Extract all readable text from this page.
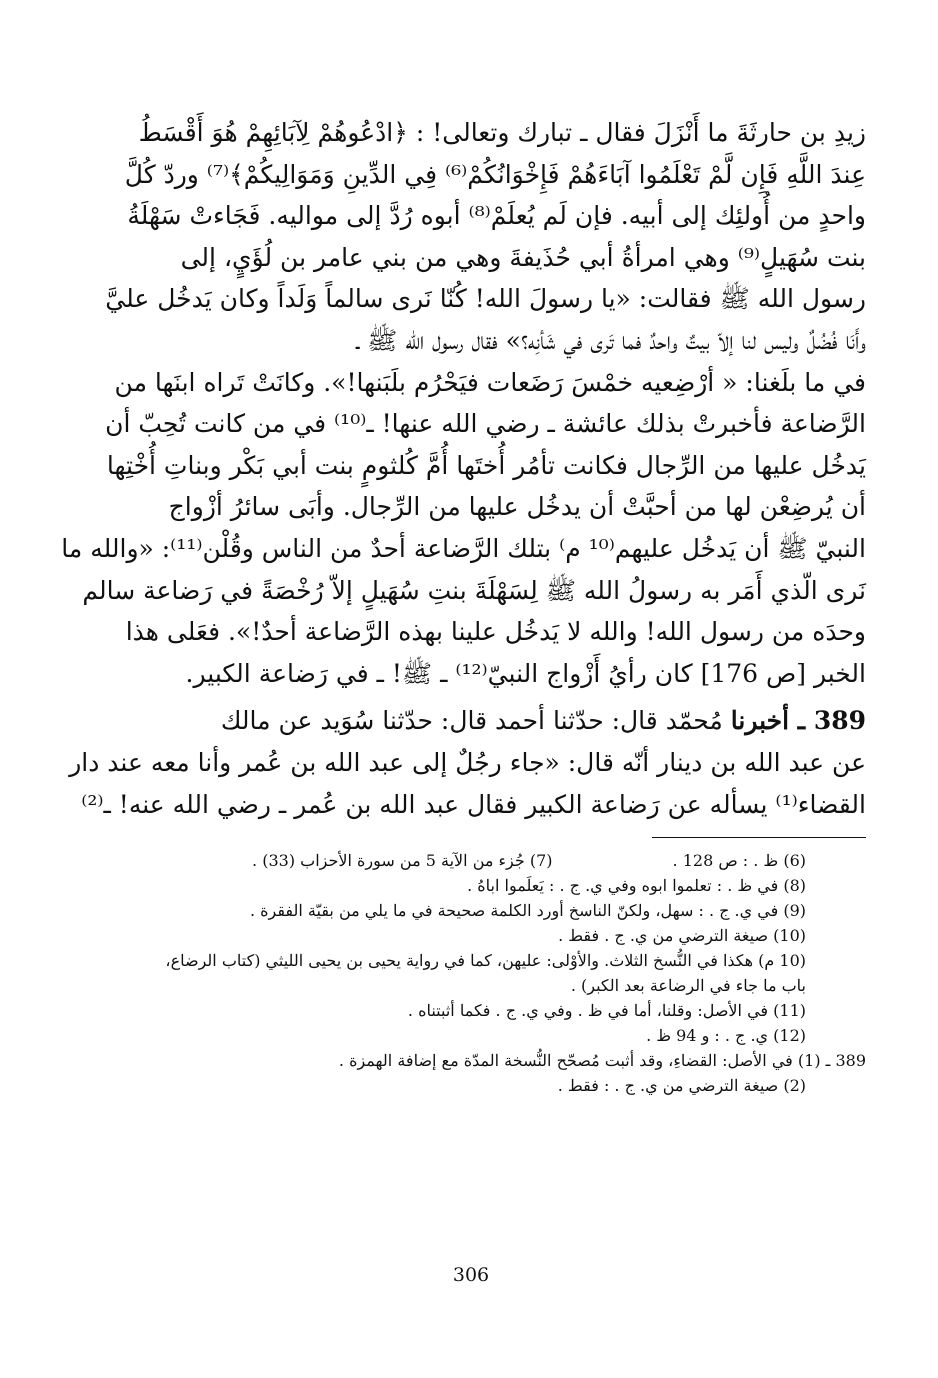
زيدِ بن حارثَةَ ما أَنْزَلَ فقال ـ تبارك وتعالى! : ﴿ادْعُوهُمْ لِآبَائِهِمْ هُوَ أَقْسَطُ
عِندَ اللَّهِ فَإِن لَّمْ تَعْلَمُوا آبَاءَهُمْ فَإِخْوَانُكُمْ⁽⁶⁾ فِي الدِّينِ وَمَوَالِيكُمْ﴾⁽⁷⁾ وردّ كُلَّ
واحدٍ من أُولئِك إلى أبيه. فإن لَم يُعلَمْ⁽⁸⁾ أبوه رُدَّ إلى مواليه. فَجَاءتْ سَهْلَةُ
بنت سُهَيلٍ⁽⁹⁾ وهي امرأةُ أبي حُذَيفةَ وهي من بني عامر بن لُؤَيٍ، إلى
رسول الله ﷺ فقالت: «يا رسولَ الله! كُنّا نَرى سالماً وَلَداً وكان يَدخُل عليَّ
وأَنَا فُضُلٌ وليس لنا إلاّ بيتٌ واحدٌ فما تَرى في شَأنِه؟» فقال رسول الله ﷺ ـ
في ما بلَغنا: « أرْضِعيه خمْسَ رَضَعات فيَحْرُم بلَبَنها!». وكانَتْ تَراه ابنَها من
الرَّضاعة فأخبرتْ بذلك عائشة ـ رضي الله عنها! ـ⁽¹⁰⁾ في من كانت تُحِبّ أن
يَدخُل عليها من الرِّجال فكانت تأمُر أُختَها أُمَّ كُلثومٍ بنت أبي بَكْر وبناتِ أُخْتِها
أن يُرضِعْن لها من أحبَّتْ أن يدخُل عليها من الرِّجال. وأبَى سائرُ أزْواج
النبيّ ﷺ أن يَدخُل عليهم⁽¹⁰ م⁾ بتلك الرَّضاعة أحدٌ من الناس وقُلْن⁽¹¹⁾: «والله ما
نَرى الّذي أَمَر به رسولُ الله ﷺ لِسَهْلَةَ بنتِ سُهَيلٍ إلاّ رُخْصَةً في رَضاعة سالم
وحدَه من رسول الله! والله لا يَدخُل علينا بهذه الرَّضاعة أحدٌ!». فعَلى هذا
الخبر [ص 176] كان رأيُ أَزْواج النبيّ⁽¹²⁾ ـ ﷺ! ـ في رَضاعة الكبير.
389 ـ أخبرنا مُحمّد قال: حدّثنا أحمد قال: حدّثنا سُوَيد عن مالك
عن عبد الله بن دينار أنّه قال: «جاء رجُلٌ إلى عبد الله بن عُمر وأنا معه عند دار
القضاء⁽¹⁾ يسأله عن رَضاعة الكبير فقال عبد الله بن عُمر ـ رضي الله عنه! ـ⁽²⁾
(6) ظ . : ص 128 .(7) جُزء من الآية 5 من سورة الأحزاب (33) .
(8) في ظ . : تعلموا ابوه وفي ي. ج . : يَعلَموا اباهُ .
(9) في ي. ج . : سهل، ولكنّ الناسخ أورد الكلمة صحيحة في ما يلي من بقيّة الفقرة .
(10) صيغة الترضي من ي. ج . فقط .
(10 م) هكذا في النُّسخ الثلاث. والأوْلى: عليهن، كما في رواية يحيى بن يحيى الليثي (كتاب الرضاع، باب ما جاء في الرضاعة بعد الكبر) .
(11) في الأصل: وقلنا، أما في ظ . وفي ي. ج . فكما أثبتناه .
(12) ي. ج . : و 94 ظ .
389 ـ (1) في الأصل: القضاءِ، وقد أثبت مُصحّح النُّسخة المدّة مع إضافة الهمزة .
(2) صيغة الترضي من ي. ج . : فقط .
306
